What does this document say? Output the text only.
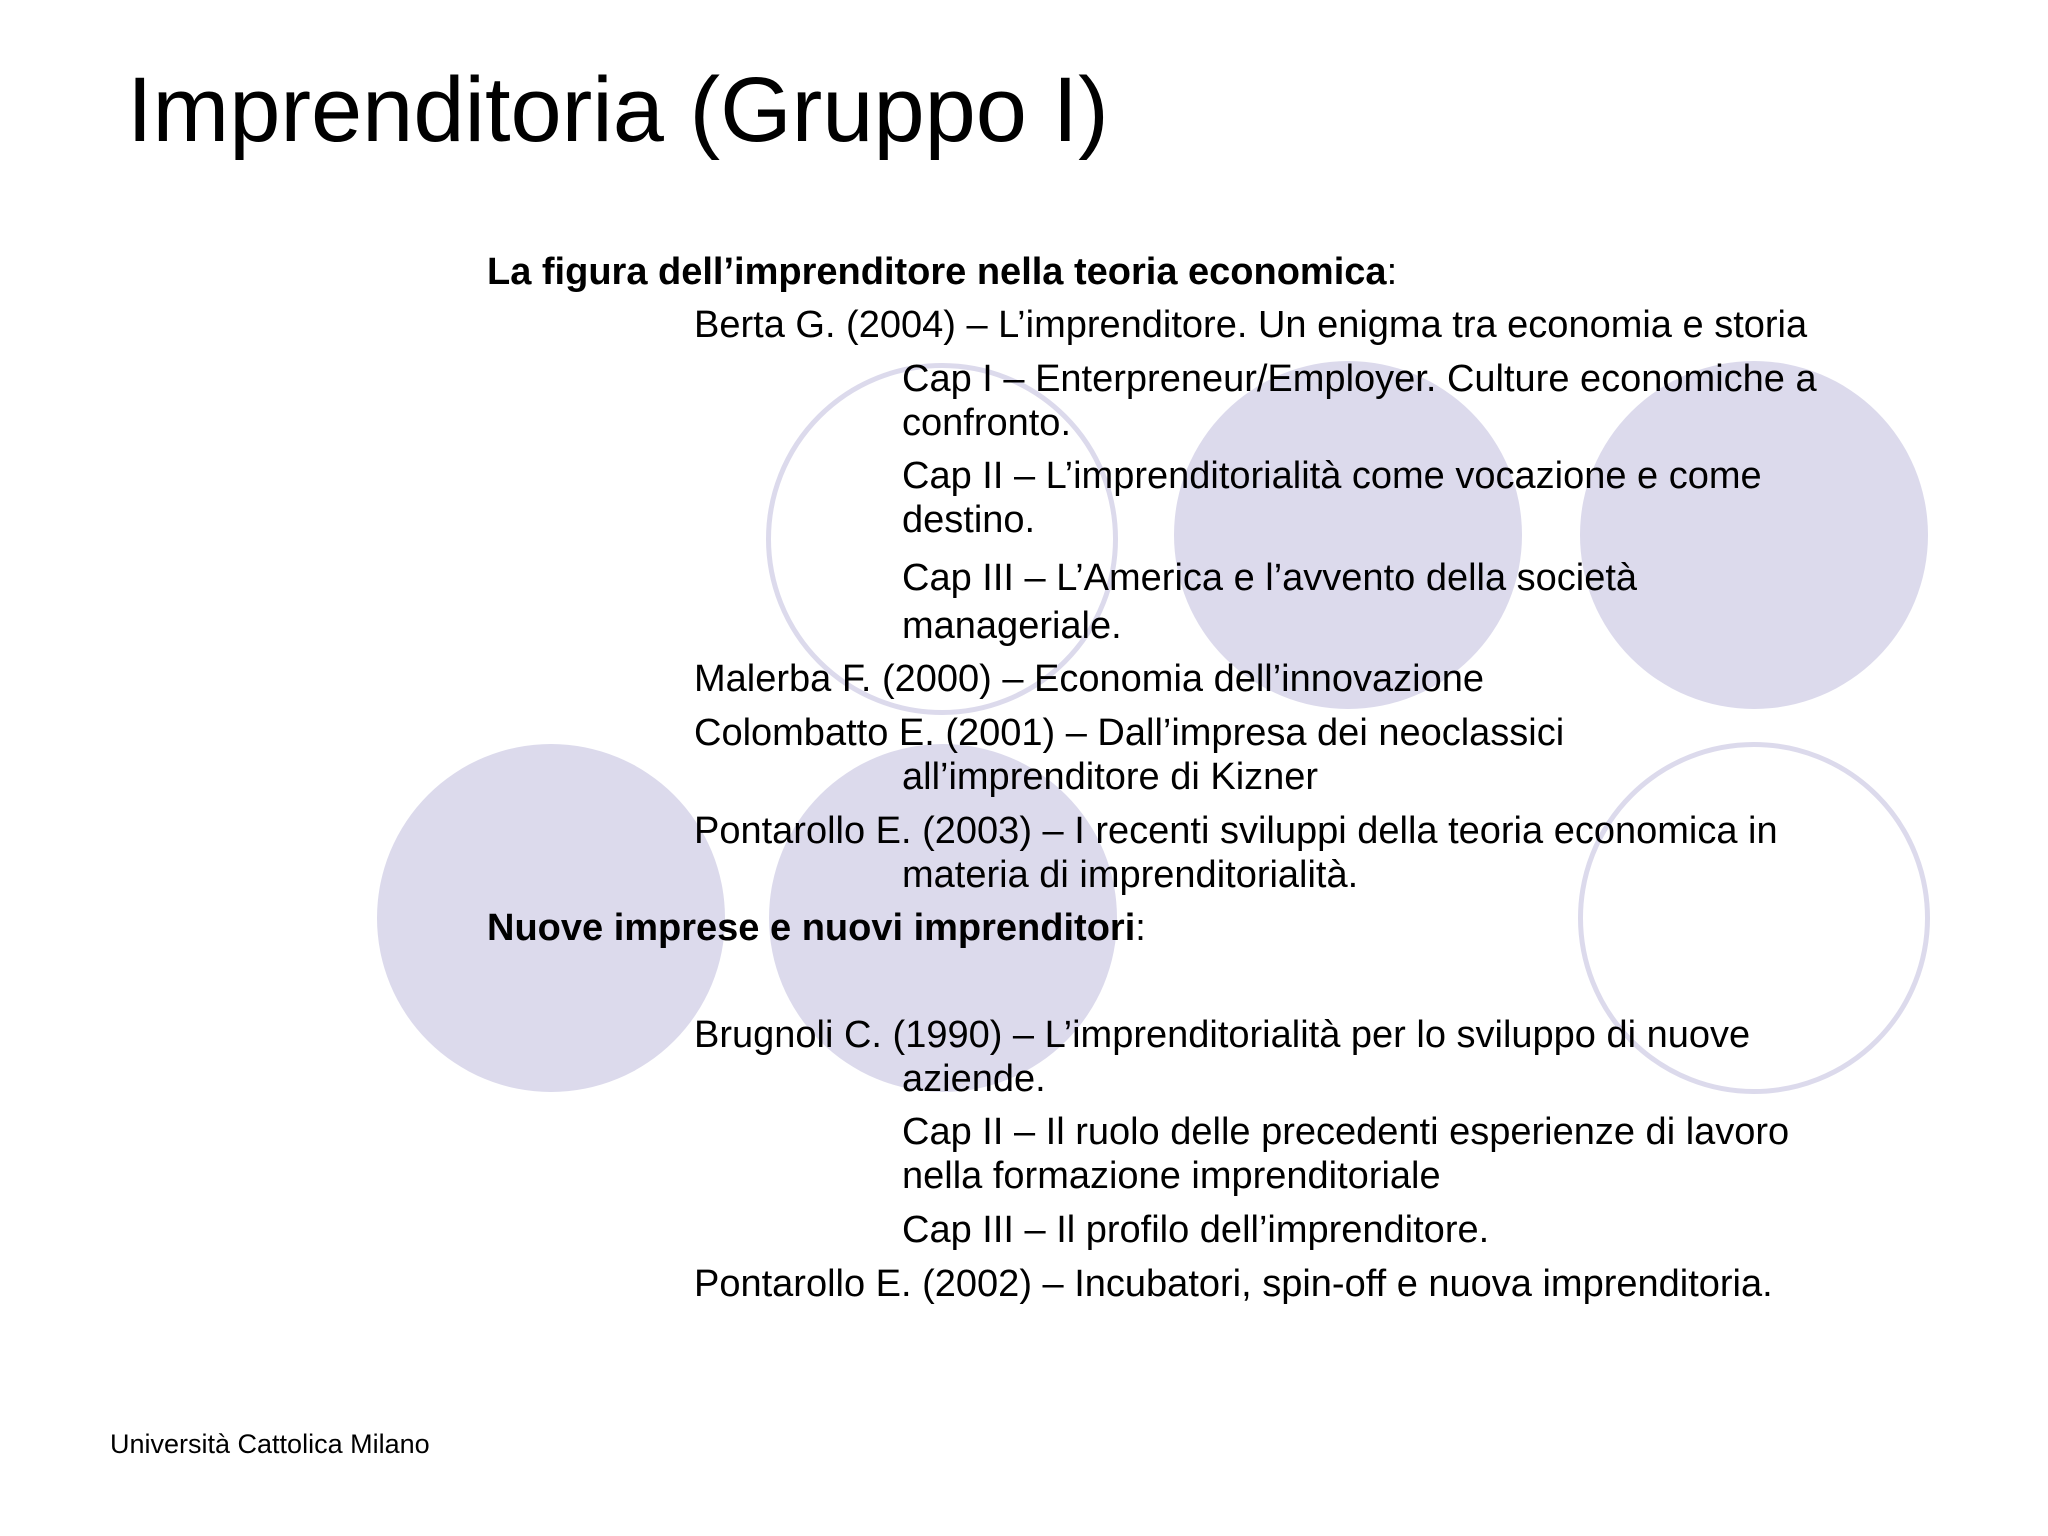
Imprenditoria (Gruppo I)
La figura dell’imprenditore nella teoria economica:
Berta G. (2004) – L’imprenditore. Un enigma tra economia e storia
Cap I – Enterpreneur/Employer. Culture economiche a
confronto.
Cap II – L’imprenditorialità come vocazione e come
destino.
Cap III – L’America e l’avvento della società
manageriale.
Malerba F. (2000) – Economia dell’innovazione
Colombatto E. (2001) – Dall’impresa dei neoclassici
all’imprenditore di Kizner
Pontarollo E. (2003) – I recenti sviluppi della teoria economica in
materia di imprenditorialità.
Nuove imprese e nuovi imprenditori:
Brugnoli C. (1990) – L’imprenditorialità per lo sviluppo di nuove
aziende.
Cap II – Il ruolo delle precedenti esperienze di lavoro
nella formazione imprenditoriale
Cap III – Il profilo dell’imprenditore.
Pontarollo E. (2002) – Incubatori, spin-off e nuova imprenditoria.
Università Cattolica Milano
